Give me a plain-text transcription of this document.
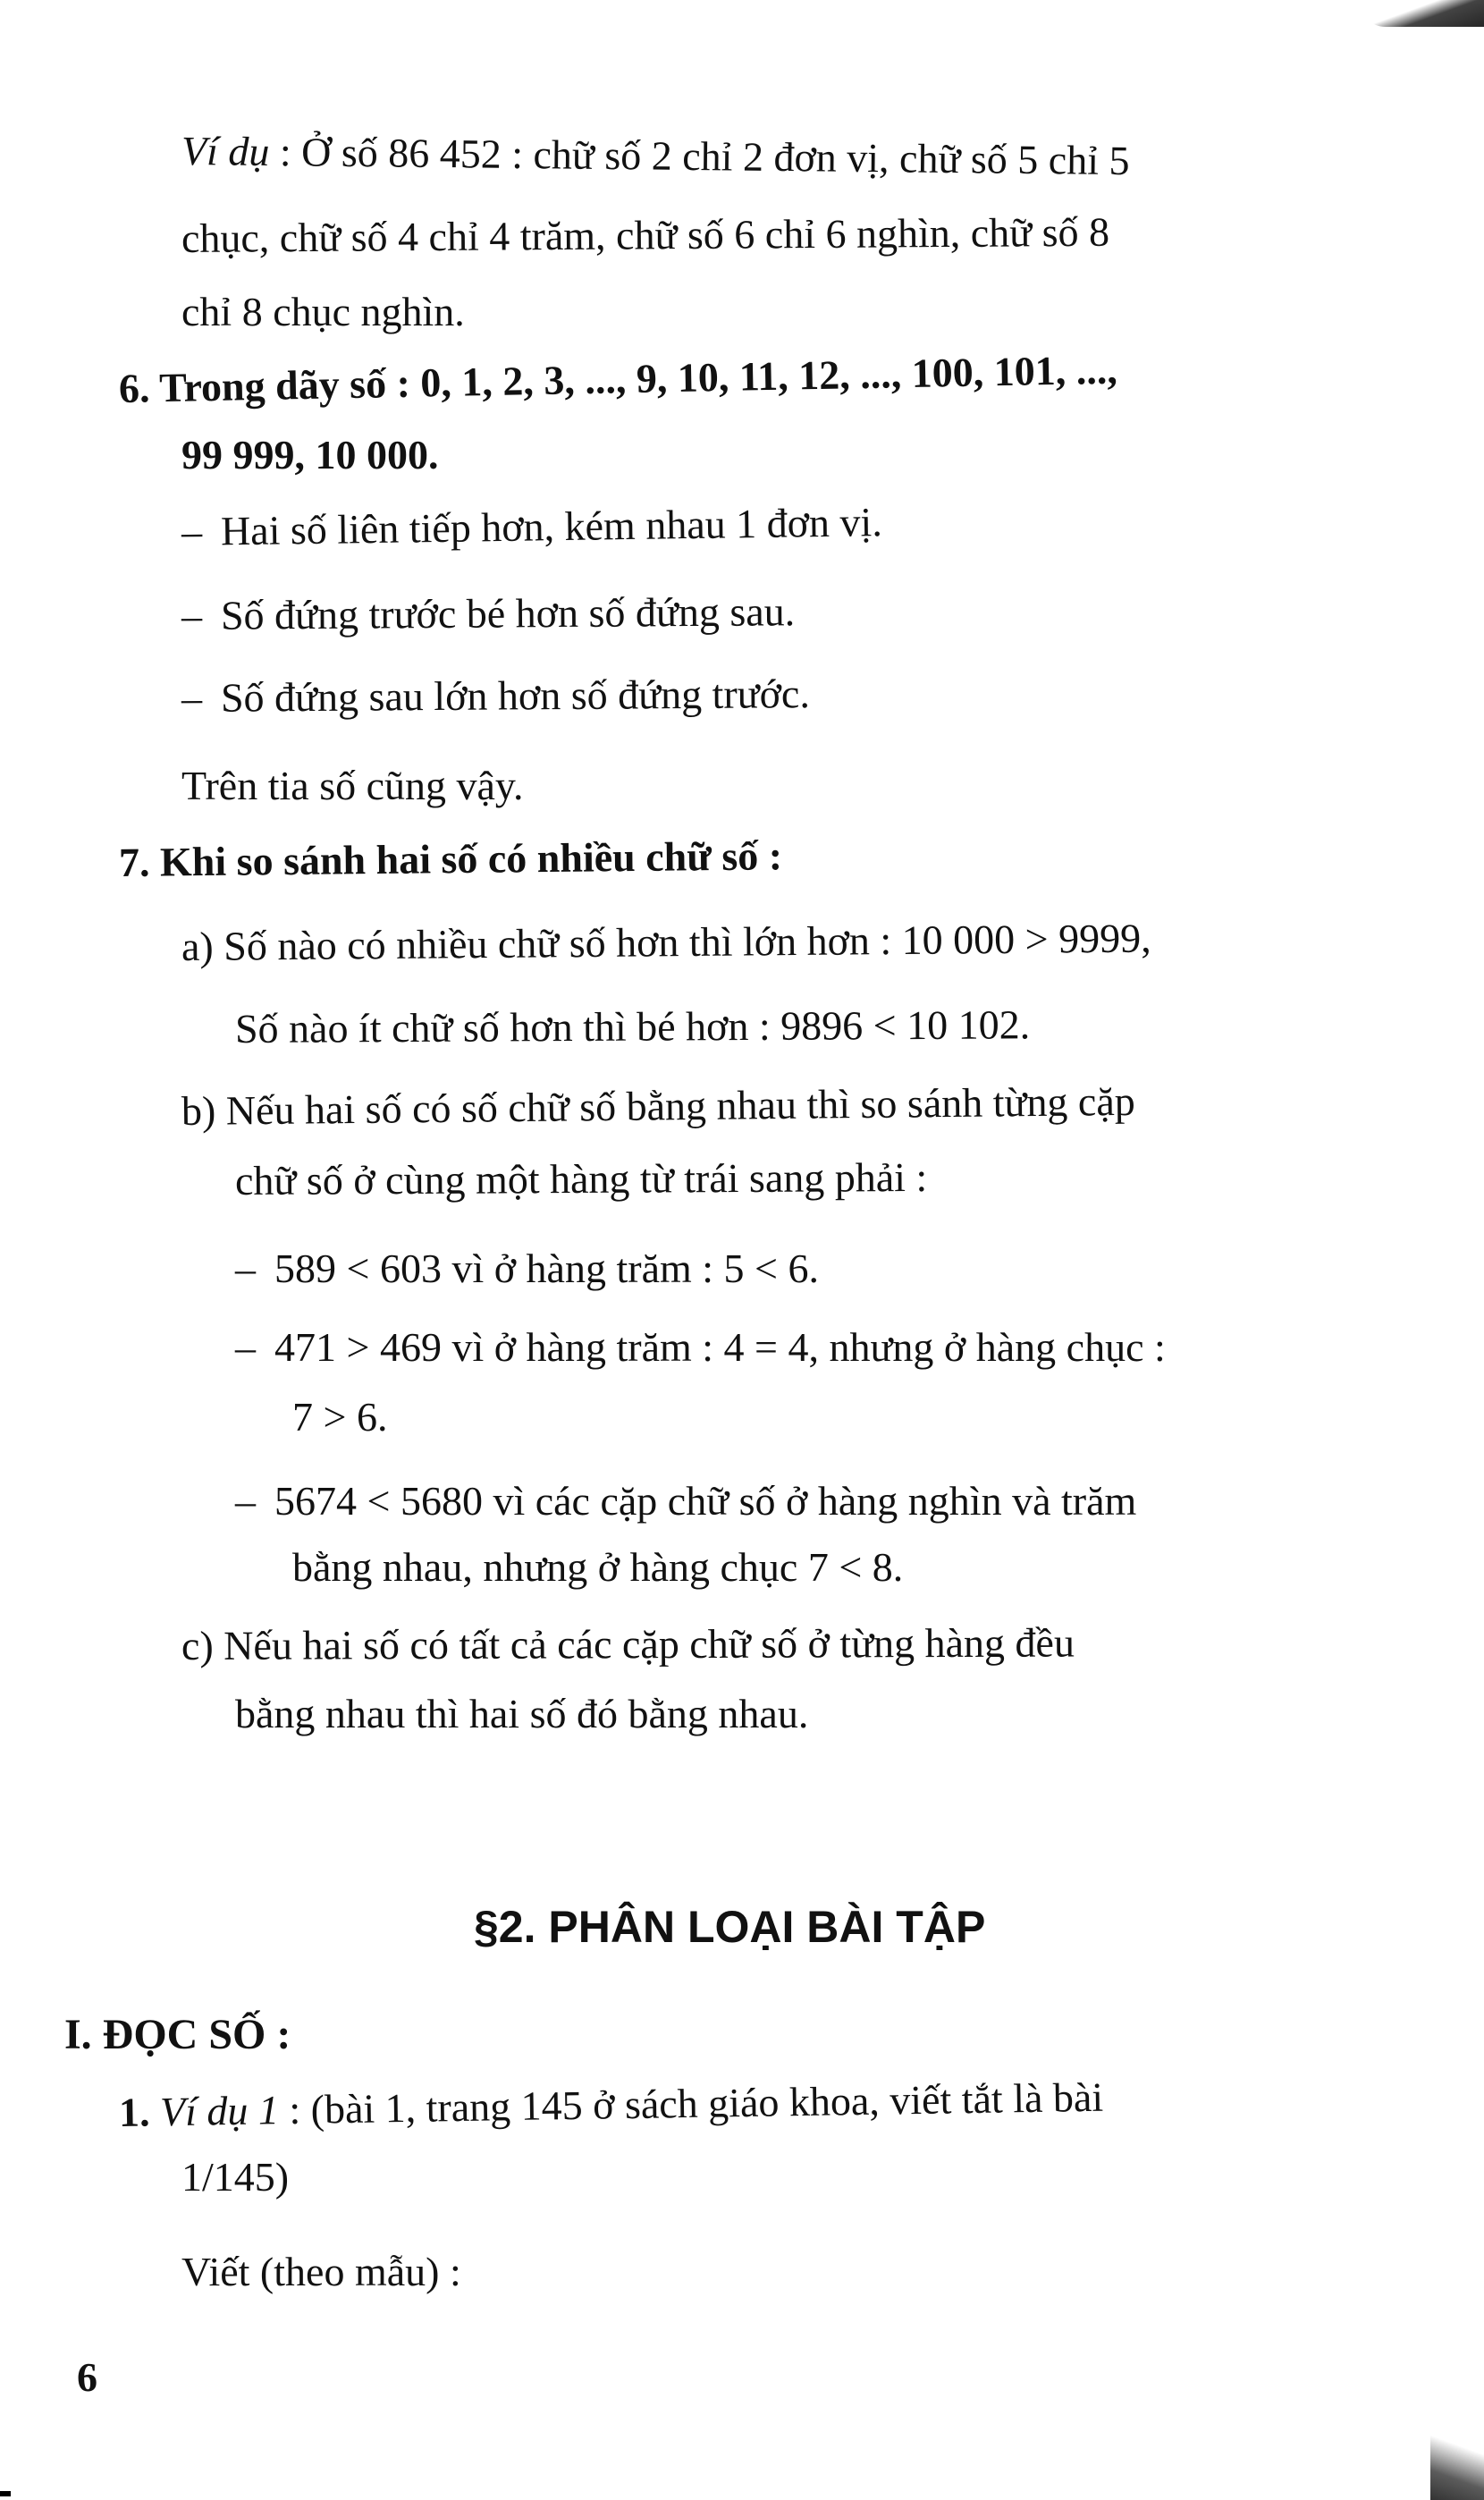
Ví dụ : Ở số 86 452 : chữ số 2 chỉ 2 đơn vị, chữ số 5 chỉ 5
chục, chữ số 4 chỉ 4 trăm, chữ số 6 chỉ 6 nghìn, chữ số 8
chỉ 8 chục nghìn.
6. Trong dãy số : 0, 1, 2, 3, ..., 9, 10, 11, 12, ..., 100, 101, ...,
99 999, 10 000.
– Hai số liên tiếp hơn, kém nhau 1 đơn vị.
– Số đứng trước bé hơn số đứng sau.
– Số đứng sau lớn hơn số đứng trước.
Trên tia số cũng vậy.
7. Khi so sánh hai số có nhiều chữ số :
a) Số nào có nhiều chữ số hơn thì lớn hơn : 10 000 > 9999,
Số nào ít chữ số hơn thì bé hơn : 9896 < 10 102.
b) Nếu hai số có số chữ số bằng nhau thì so sánh từng cặp
chữ số ở cùng một hàng từ trái sang phải :
– 589 < 603 vì ở hàng trăm : 5 < 6.
– 471 > 469 vì ở hàng trăm : 4 = 4, nhưng ở hàng chục :
7 > 6.
– 5674 < 5680 vì các cặp chữ số ở hàng nghìn và trăm
bằng nhau, nhưng ở hàng chục 7 < 8.
c) Nếu hai số có tất cả các cặp chữ số ở từng hàng đều
bằng nhau thì hai số đó bằng nhau.
§2. PHÂN LOẠI BÀI TẬP
I. ĐỌC SỐ :
1. Ví dụ 1 : (bài 1, trang 145 ở sách giáo khoa, viết tắt là bài
1/145)
Viết (theo mẫu) :
6
